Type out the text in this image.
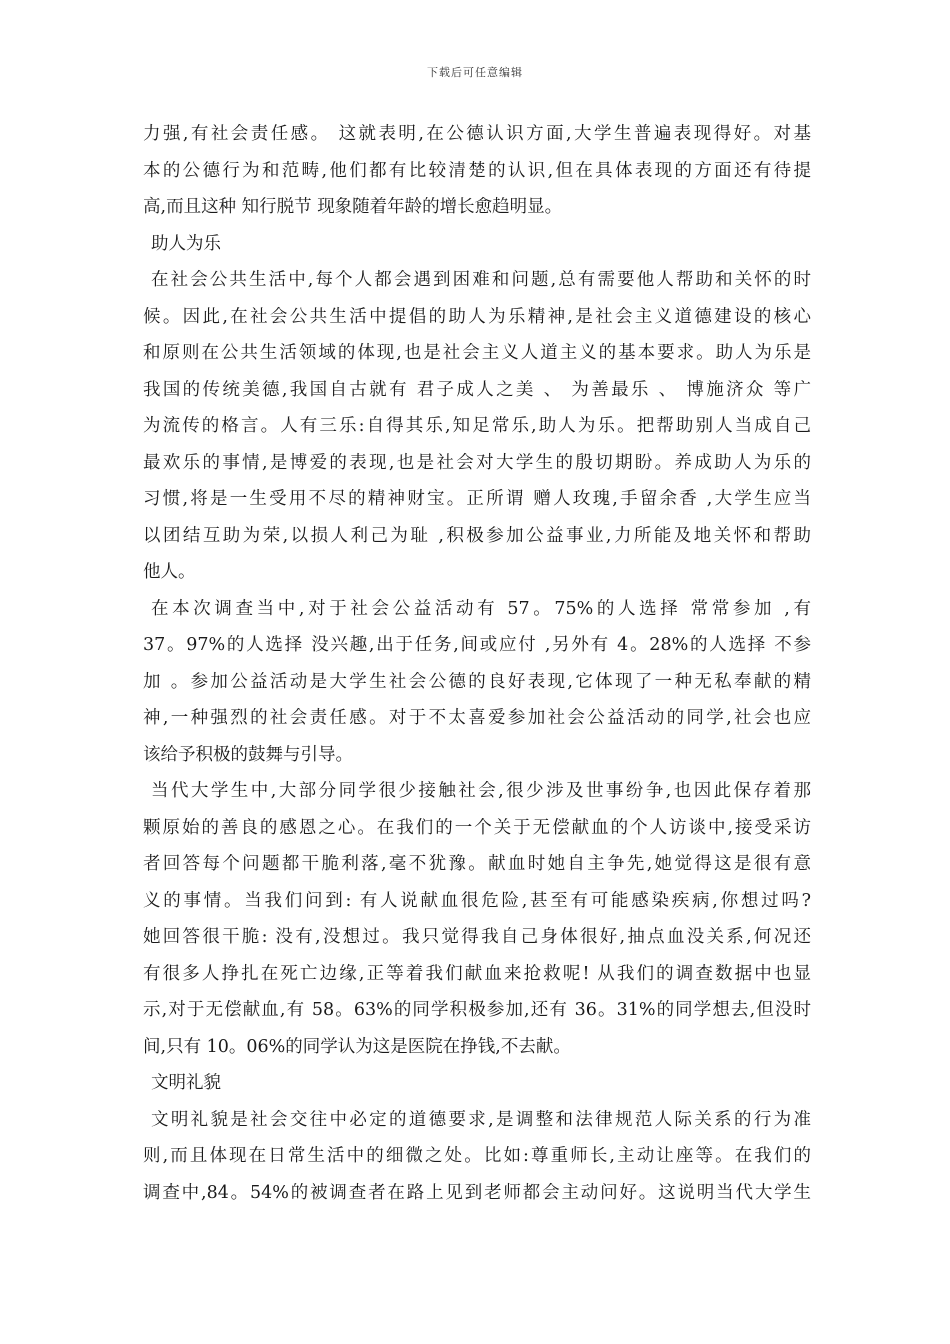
下载后可任意编辑
力强,有社会责任感。 这就表明,在公德认识方面,大学生普遍表现得好。对基
本的公德行为和范畴,他们都有比较清楚的认识,但在具体表现的方面还有待提
高,而且这种 知行脱节 现象随着年龄的增长愈趋明显。
助人为乐
在社会公共生活中,每个人都会遇到困难和问题,总有需要他人帮助和关怀的时
候。因此,在社会公共生活中提倡的助人为乐精神,是社会主义道德建设的核心
和原则在公共生活领域的体现,也是社会主义人道主义的基本要求。助人为乐是
我国的传统美德,我国自古就有 君子成人之美 、 为善最乐 、 博施济众 等广
为流传的格言。人有三乐:自得其乐,知足常乐,助人为乐。把帮助别人当成自己
最欢乐的事情,是博爱的表现,也是社会对大学生的殷切期盼。养成助人为乐的
习惯,将是一生受用不尽的精神财宝。正所谓 赠人玫瑰,手留余香 ,大学生应当
以团结互助为荣,以损人利己为耻 ,积极参加公益事业,力所能及地关怀和帮助
他人。
在本次调查当中,对于社会公益活动有 57。75%的人选择 常常参加 ,有
37。97%的人选择 没兴趣,出于任务,间或应付 ,另外有 4。28%的人选择 不参
加 。参加公益活动是大学生社会公德的良好表现,它体现了一种无私奉献的精
神,一种强烈的社会责任感。对于不太喜爱参加社会公益活动的同学,社会也应
该给予积极的鼓舞与引导。
当代大学生中,大部分同学很少接触社会,很少涉及世事纷争,也因此保存着那
颗原始的善良的感恩之心。在我们的一个关于无偿献血的个人访谈中,接受采访
者回答每个问题都干脆利落,毫不犹豫。献血时她自主争先,她觉得这是很有意
义的事情。当我们问到: 有人说献血很危险,甚至有可能感染疾病,你想过吗?
她回答很干脆: 没有,没想过。我只觉得我自己身体很好,抽点血没关系,何况还
有很多人挣扎在死亡边缘,正等着我们献血来抢救呢! 从我们的调查数据中也显
示,对于无偿献血,有 58。63%的同学积极参加,还有 36。31%的同学想去,但没时
间,只有 10。06%的同学认为这是医院在挣钱,不去献。
文明礼貌
文明礼貌是社会交往中必定的道德要求,是调整和法律规范人际关系的行为准
则,而且体现在日常生活中的细微之处。比如:尊重师长,主动让座等。在我们的
调查中,84。54%的被调查者在路上见到老师都会主动问好。这说明当代大学生
